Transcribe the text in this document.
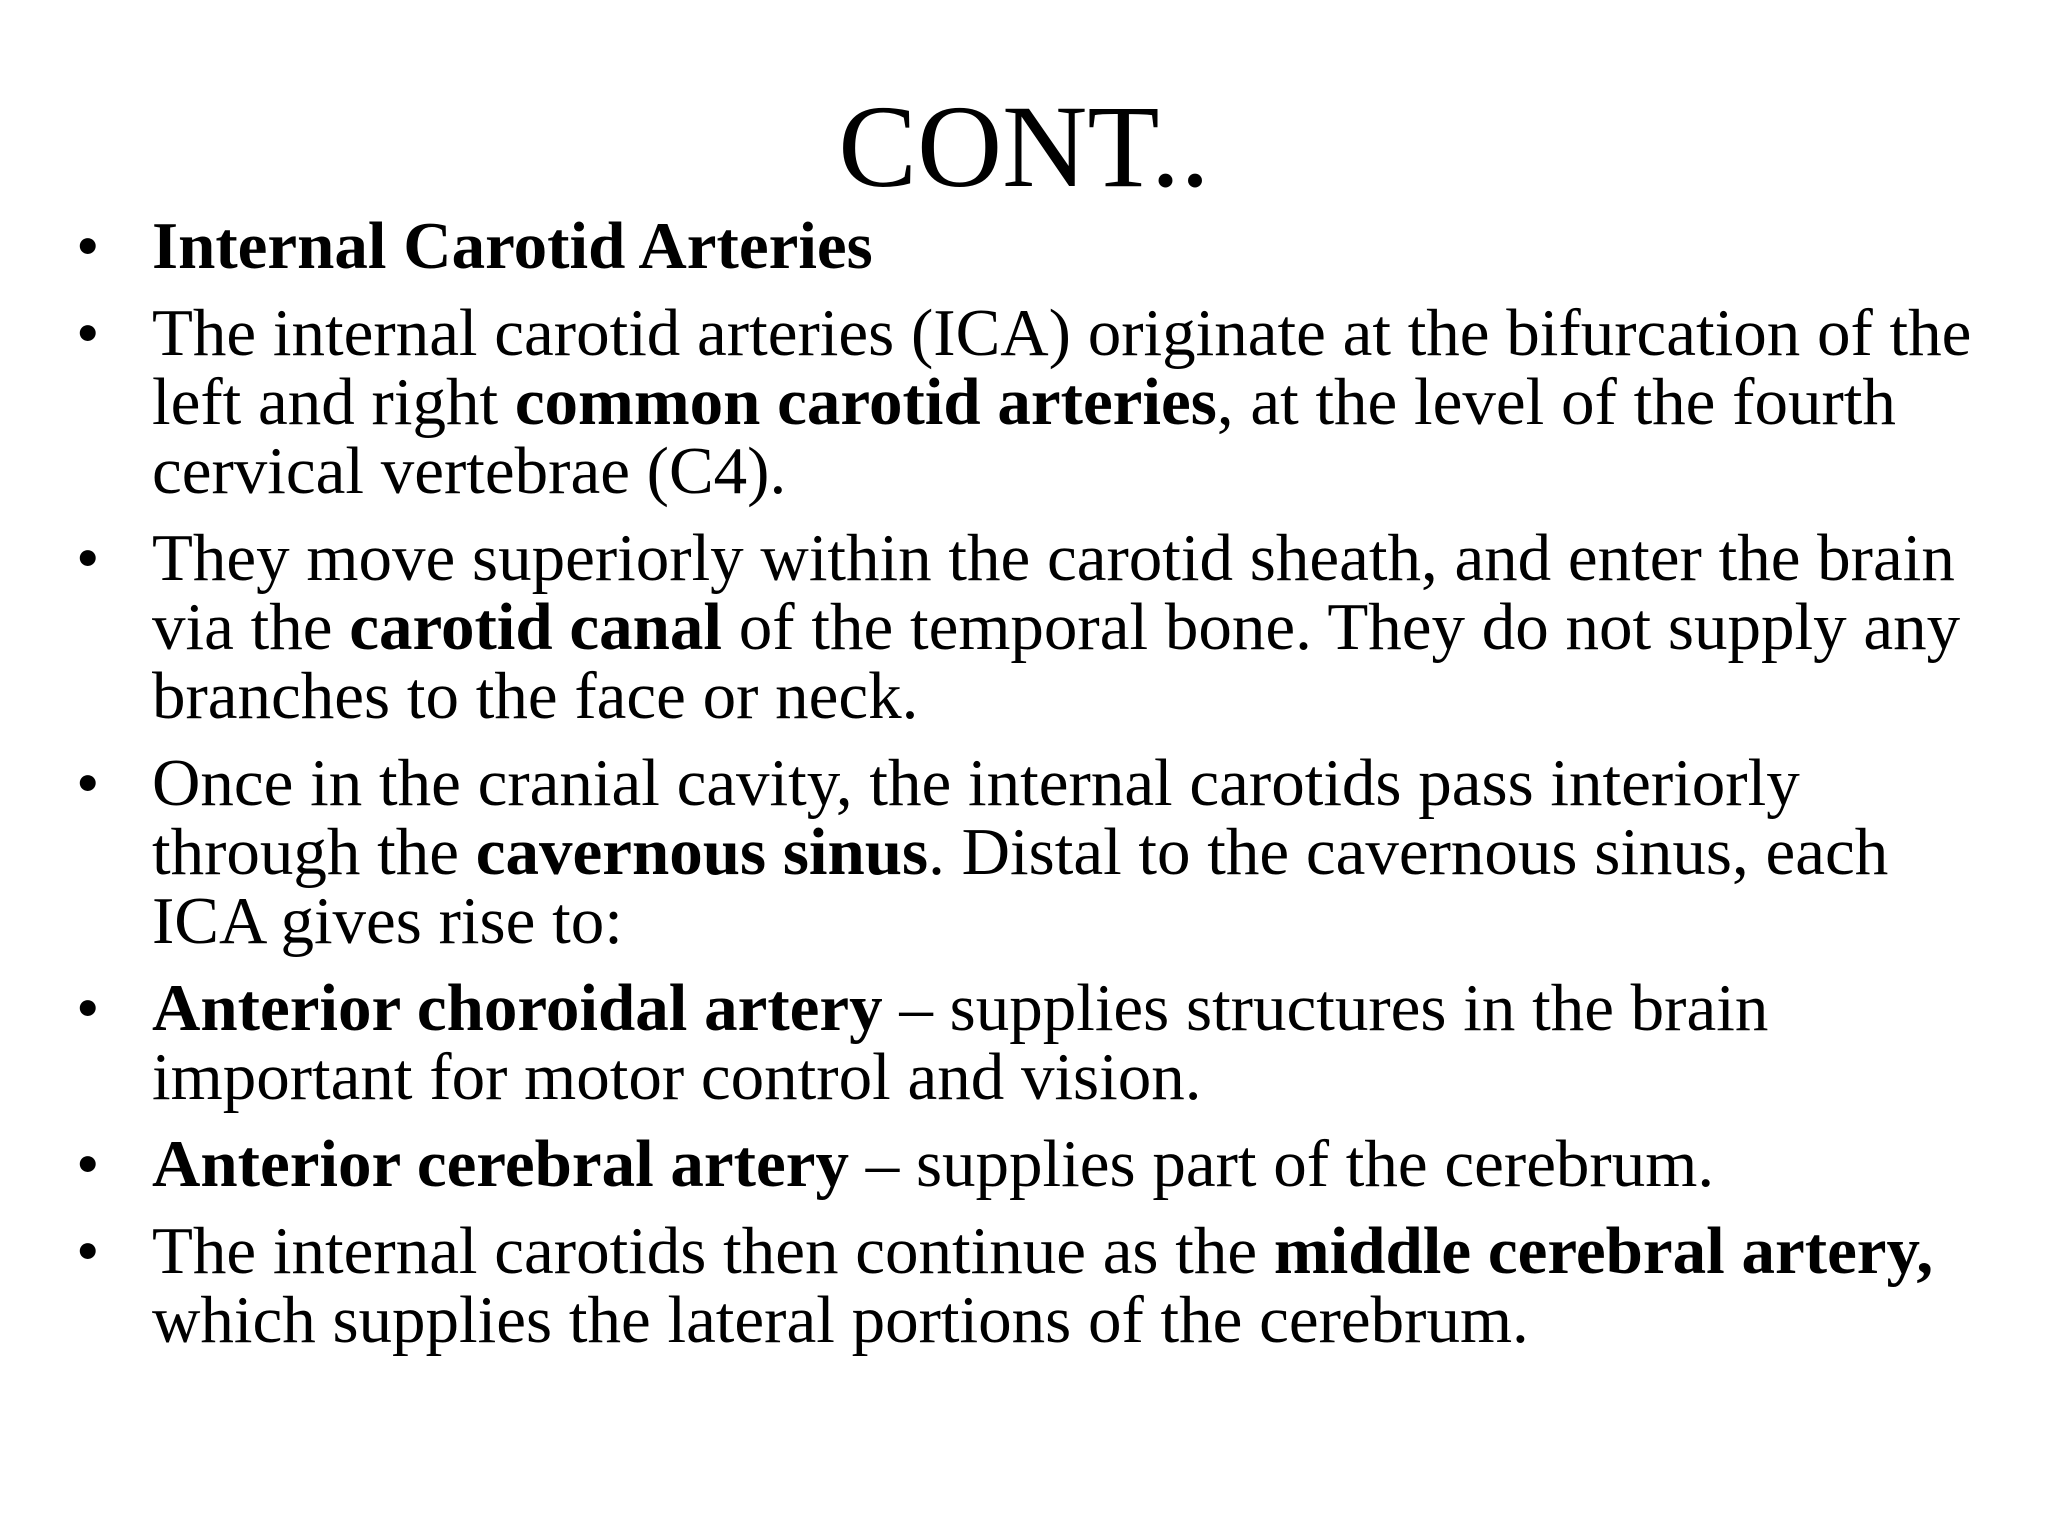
CONT..
• Internal Carotid Arteries
• The internal carotid arteries (ICA) originate at the bifurcation of the left and right common carotid arteries, at the level of the fourth cervical vertebrae (C4).
• They move superiorly within the carotid sheath, and enter the brain via the carotid canal of the temporal bone. They do not supply any branches to the face or neck.
• Once in the cranial cavity, the internal carotids pass interiorly through the cavernous sinus. Distal to the cavernous sinus, each ICA gives rise to:
• Anterior choroidal artery – supplies structures in the brain important for motor control and vision.
• Anterior cerebral artery – supplies part of the cerebrum.
• The internal carotids then continue as the middle cerebral artery, which supplies the lateral portions of the cerebrum.
